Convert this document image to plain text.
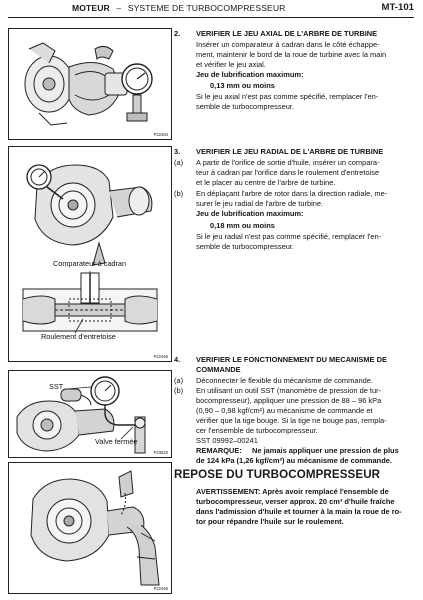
MOTEUR – SYSTEME DE TURBOCOMPRESSEUR	MT-101
P22464
Comparateur à cadran
Roulement d'entretoise
P22465
SST
Valve fermée
P23520
P22466
2. VERIFIER LE JEU AXIAL DE L'ARBRE DE TURBINE
Insérer un comparateur à cadran dans le côté échappe-
ment, maintenir le bord de la roue de turbine avec la main
et vérifier le jeu axial.
Jeu de lubrification maximum:
0,13 mm ou moins
Si le jeu axial n'est pas comme spécifié, remplacer l'en-
semble de turbocompresseur.
3. VERIFIER LE JEU RADIAL DE L'ARBRE DE TURBINE
(a) A partir de l'orifice de sortie d'huile, insérer un compara-
teur à cadran par l'orifice dans le roulement d'entretoise
et le placer au centre de l'arbre de turbine.
(b) En déplaçant l'arbre de rotor dans la direction radiale, me-
surer le jeu radial de l'arbre de turbine.
Jeu de lubrification maximum:
0,18 mm ou moins
Si le jeu radial n'est pas comme spécifié, remplacer l'en-
semble de turbocompresseur.
4. VERIFIER LE FONCTIONNEMENT DU MECANISME DE
COMMANDE
(a) Déconnecter le flexible du mécanisme de commande.
(b) En utilisant un outil SST (manomètre de pression de tur-
bocompresseur), appliquer une pression de 88 – 96 kPa
(0,90 – 0,98 kgf/cm²) au mécanisme de commande et
vérifier que la tige bouge. Si la tige ne bouge pas, rempla-
cer l'ensemble de turbocompresseur.
SST 09992–00241
REMARQUE: Ne jamais appliquer une pression de plus
de 124 kPa (1,26 kgf/cm²) au mécanisme de commande.
REPOSE DU TURBOCOMPRESSEUR
AVERTISSEMENT: Après avoir remplacé l'ensemble de
turbocompresseur, verser approx. 20 cm³ d'huile fraîche
dans l'admission d'huile et tourner à la main la roue de ro-
tor pour répandre l'huile sur le roulement.
